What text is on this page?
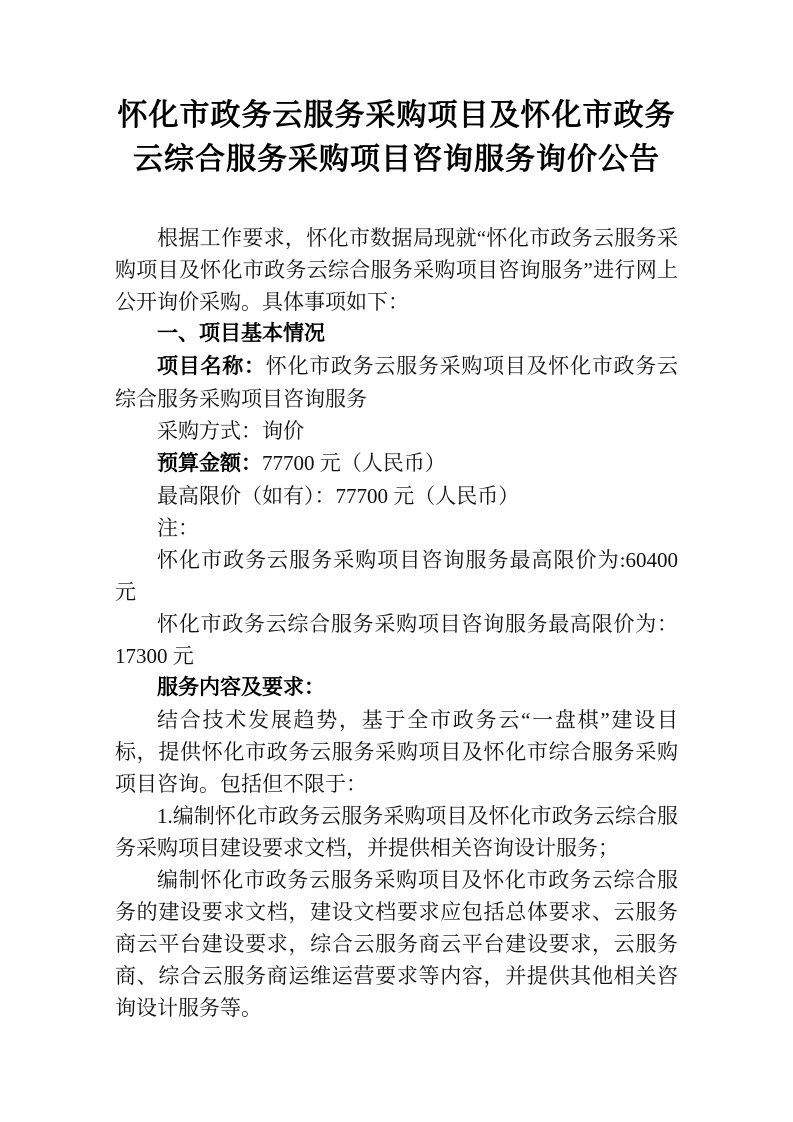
怀化市政务云服务采购项目及怀化市政务
云综合服务采购项目咨询服务询价公告

根据工作要求，怀化市数据局现就“怀化市政务云服务采购项目及怀化市政务云综合服务采购项目咨询服务”进行网上公开询价采购。具体事项如下：

一、项目基本情况

项目名称：怀化市政务云服务采购项目及怀化市政务云综合服务采购项目咨询服务

采购方式：询价

预算金额：77700 元（人民币）

最高限价（如有）：77700 元（人民币）

注：

怀化市政务云服务采购项目咨询服务最高限价为:60400 元

怀化市政务云综合服务采购项目咨询服务最高限价为：17300 元

服务内容及要求：

结合技术发展趋势，基于全市政务云“一盘棋”建设目标，提供怀化市政务云服务采购项目及怀化市综合服务采购项目咨询。包括但不限于：

1.编制怀化市政务云服务采购项目及怀化市政务云综合服务采购项目建设要求文档，并提供相关咨询设计服务；

编制怀化市政务云服务采购项目及怀化市政务云综合服务的建设要求文档，建设文档要求应包括总体要求、云服务商云平台建设要求，综合云服务商云平台建设要求，云服务商、综合云服务商运维运营要求等内容，并提供其他相关咨询设计服务等。
